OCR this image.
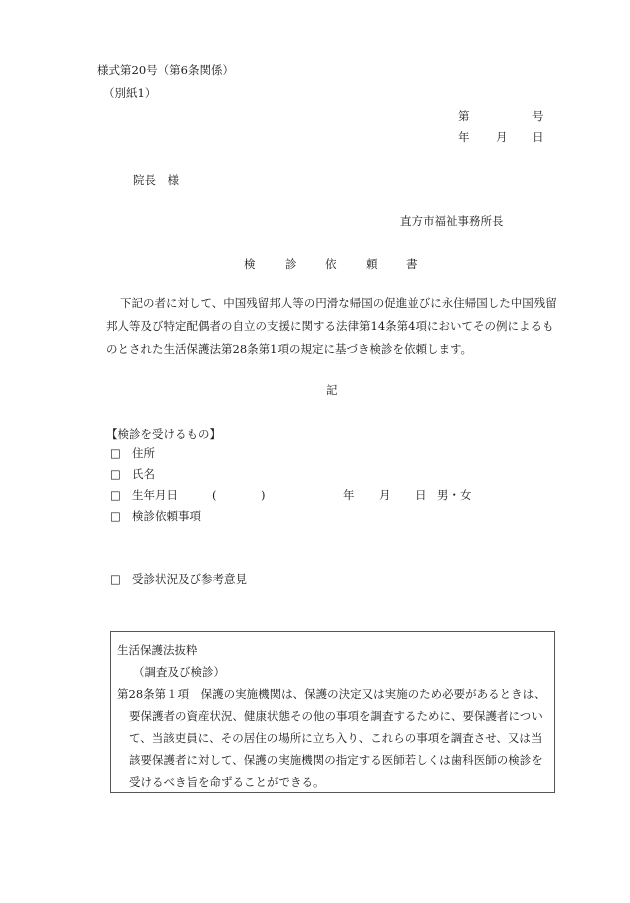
様式第20号（第6条関係）
（別紙1）
第	号
年 月 日
院長　様
直方市福祉事務所長
検	診 依	頼 書
下記の者に対して、中国残留邦人等の円滑な帰国の促進並びに永住帰国した中国残留
邦人等及び特定配偶者の自立の支援に関する法律第14条第4項においてその例によるも
のとされた生活保護法第28条第1項の規定に基づき検診を依頼します。
記
【検診を受けるもの】
□ 住所
□ 氏名
□ 生年月日	(	)	年 月 日 男・女
□ 検診依頼事項
□ 受診状況及び参考意見
生活保護法抜粋
（調査及び検診）
第28条第１項　保護の実施機関は、保護の決定又は実施のため必要があるときは、
要保護者の資産状況、健康状態その他の事項を調査するために、要保護者につい
て、当該吏員に、その居住の場所に立ち入り、これらの事項を調査させ、又は当
該要保護者に対して、保護の実施機関の指定する医師若しくは歯科医師の検診を
受けるべき旨を命ずることができる。
